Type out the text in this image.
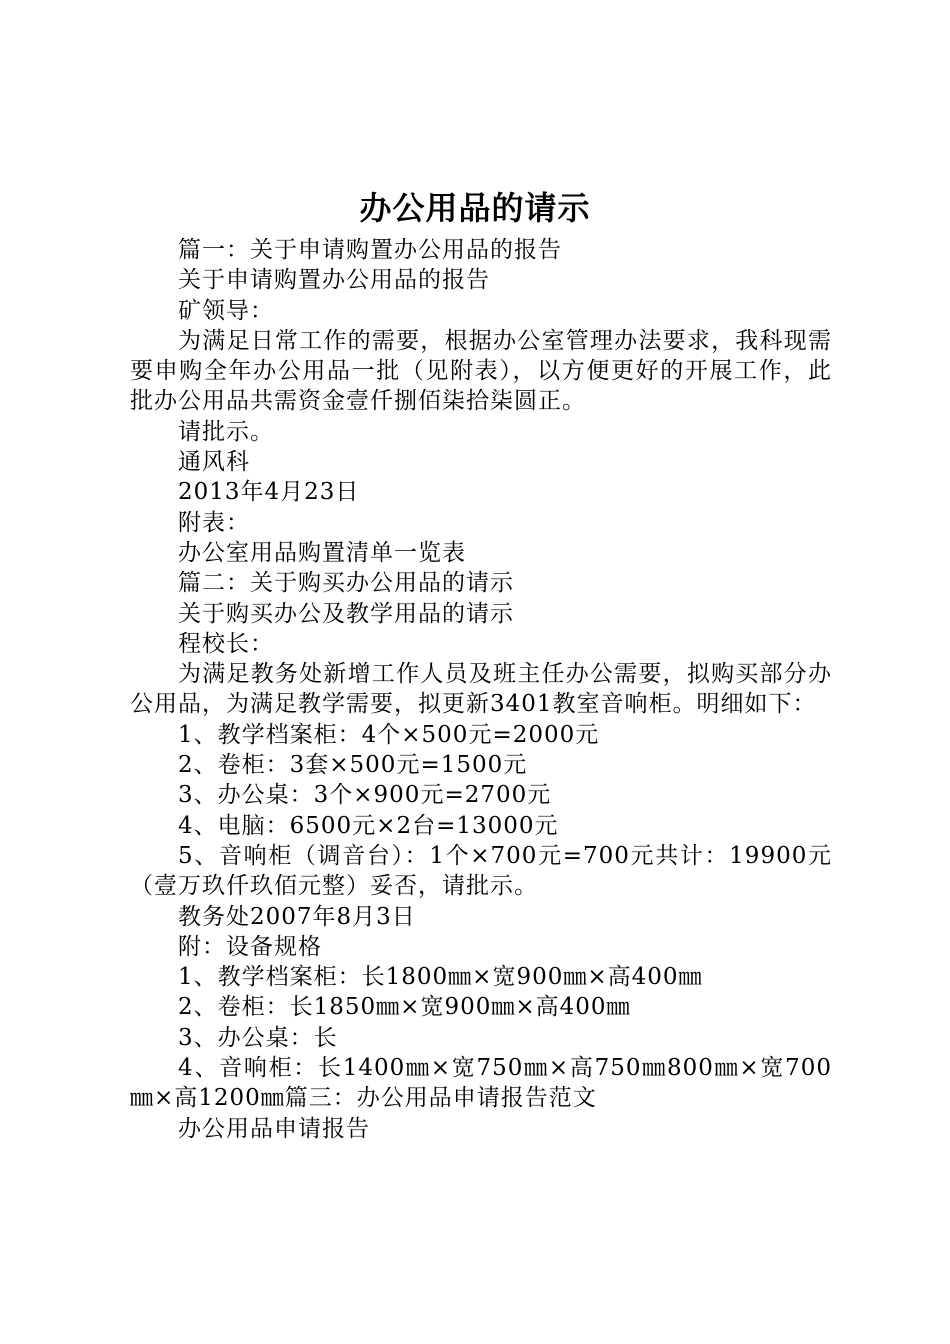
办公用品的请示

篇一：关于申请购置办公用品的报告

关于申请购置办公用品的报告

矿领导：

为满足日常工作的需要，根据办公室管理办法要求，我科现需要申购全年办公用品一批（见附表），以方便更好的开展工作，此批办公用品共需资金壹仟捌佰柒拾柒圆正。

请批示。

通风科

2013年4月23日

附表：

办公室用品购置清单一览表

篇二：关于购买办公用品的请示

关于购买办公及教学用品的请示

程校长：

为满足教务处新增工作人员及班主任办公需要，拟购买部分办公用品，为满足教学需要，拟更新3401教室音响柜。明细如下：

1、教学档案柜：4个×500元=2000元

2、卷柜：3套×500元=1500元

3、办公桌：3个×900元=2700元

4、电脑：6500元×2台=13000元

5、音响柜（调音台）：1个×700元=700元共计：19900元（壹万玖仟玖佰元整）妥否，请批示。

教务处2007年8月3日

附：设备规格

1、教学档案柜：长1800㎜×宽900㎜×高400㎜

2、卷柜：长1850㎜×宽900㎜×高400㎜

3、办公桌：长

4、音响柜：长1400㎜×宽750㎜×高750㎜800㎜×宽700㎜×高1200㎜篇三：办公用品申请报告范文

办公用品申请报告
